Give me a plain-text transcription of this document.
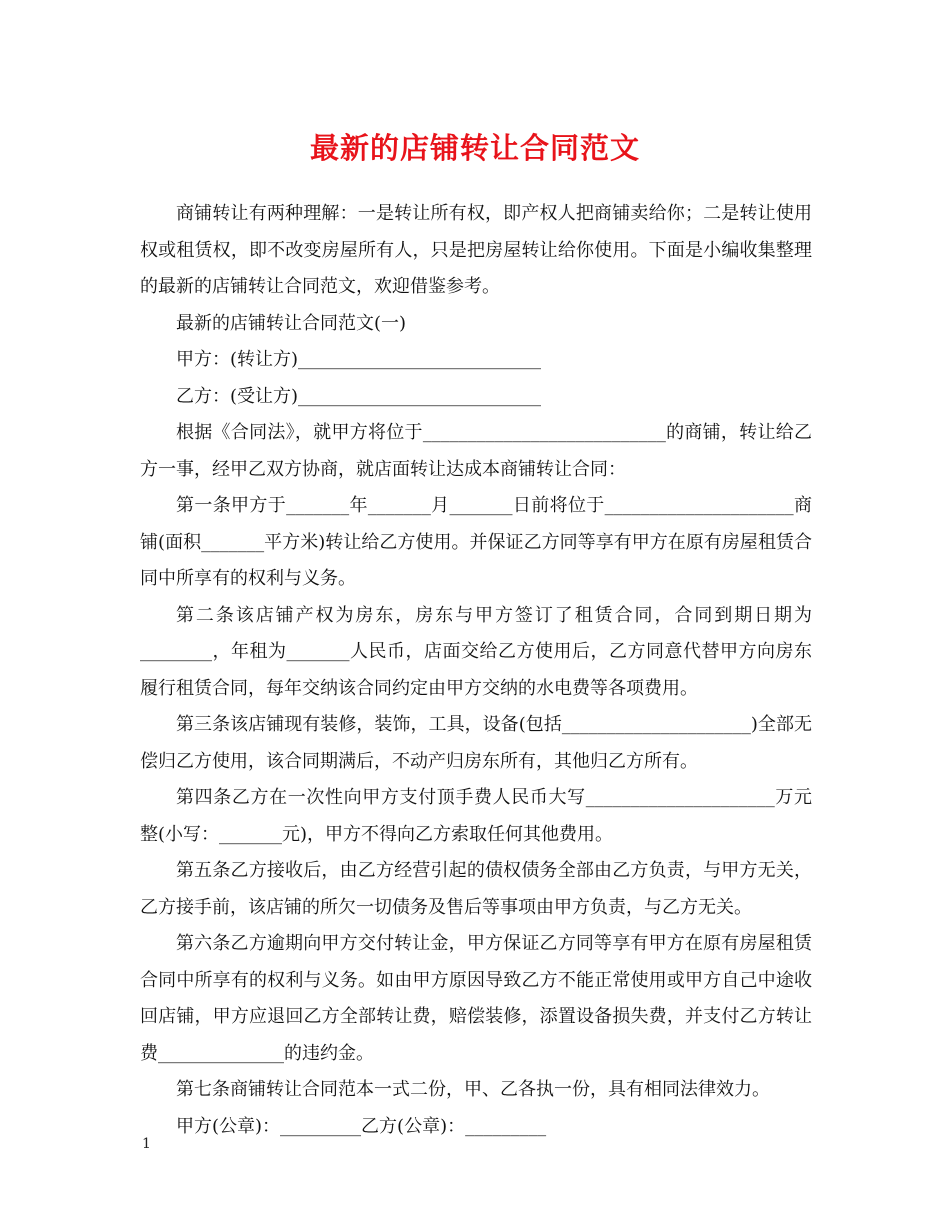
最新的店铺转让合同范文

商铺转让有两种理解：一是转让所有权，即产权人把商铺卖给你；二是转让使用权或租赁权，即不改变房屋所有人，只是把房屋转让给你使用。下面是小编收集整理的最新的店铺转让合同范文，欢迎借鉴参考。

最新的店铺转让合同范文(一)

甲方：(转让方)___________________________

乙方：(受让方)___________________________

根据《合同法》，就甲方将位于___________________________的商铺，转让给乙方一事，经甲乙双方协商，就店面转让达成本商铺转让合同：

第一条甲方于_______年_______月_______日前将位于_____________________商铺(面积_______平方米)转让给乙方使用。并保证乙方同等享有甲方在原有房屋租赁合同中所享有的权利与义务。

第二条该店铺产权为房东，房东与甲方签订了租赁合同，合同到期日期为________，年租为_______人民币，店面交给乙方使用后，乙方同意代替甲方向房东履行租赁合同，每年交纳该合同约定由甲方交纳的水电费等各项费用。

第三条该店铺现有装修，装饰，工具，设备(包括_____________________)全部无偿归乙方使用，该合同期满后，不动产归房东所有，其他归乙方所有。

第四条乙方在一次性向甲方支付顶手费人民币大写_____________________万元整(小写：_______元)，甲方不得向乙方索取任何其他费用。

第五条乙方接收后，由乙方经营引起的债权债务全部由乙方负责，与甲方无关，乙方接手前，该店铺的所欠一切债务及售后等事项由甲方负责，与乙方无关。

第六条乙方逾期向甲方交付转让金，甲方保证乙方同等享有甲方在原有房屋租赁合同中所享有的权利与义务。如由甲方原因导致乙方不能正常使用或甲方自己中途收回店铺，甲方应退回乙方全部转让费，赔偿装修，添置设备损失费，并支付乙方转让费______________的违约金。

第七条商铺转让合同范本一式二份，甲、乙各执一份，具有相同法律效力。

甲方(公章)：_________乙方(公章)：_________

1
